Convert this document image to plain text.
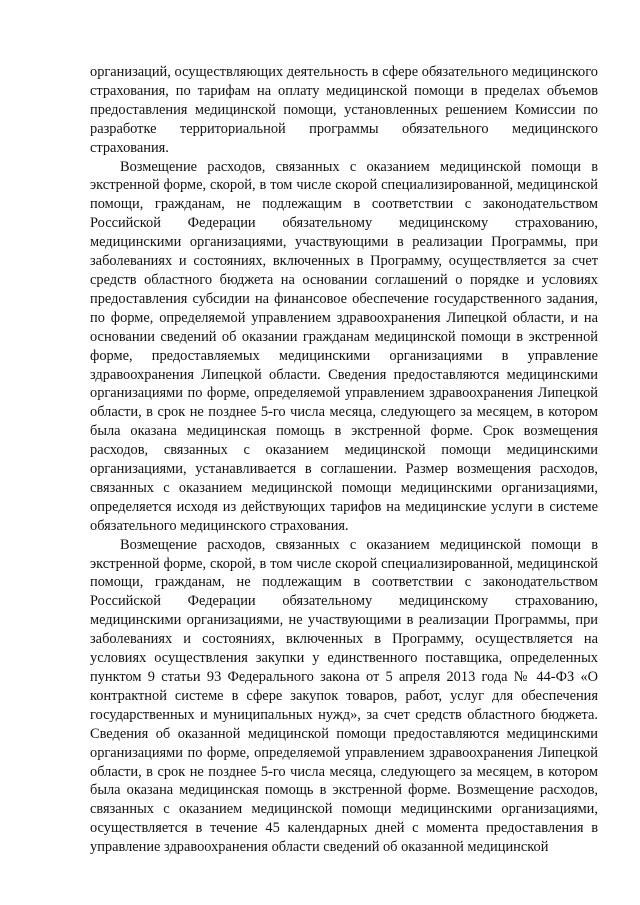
организаций, осуществляющих деятельность в сфере обязательного медицинского страхования, по тарифам на оплату медицинской помощи в пределах объемов предоставления медицинской помощи, установленных решением Комиссии по разработке территориальной программы обязательного медицинского страхования.

Возмещение расходов, связанных с оказанием медицинской помощи в экстренной форме, скорой, в том числе скорой специализированной, медицинской помощи, гражданам, не подлежащим в соответствии с законодательством Российской Федерации обязательному медицинскому страхованию, медицинскими организациями, участвующими в реализации Программы, при заболеваниях и состояниях, включенных в Программу, осуществляется за счет средств областного бюджета на основании соглашений о порядке и условиях предоставления субсидии на финансовое обеспечение государственного задания, по форме, определяемой управлением здравоохранения Липецкой области, и на основании сведений об оказании гражданам медицинской помощи в экстренной форме, предоставляемых медицинскими организациями в управление здравоохранения Липецкой области. Сведения предоставляются медицинскими организациями по форме, определяемой управлением здравоохранения Липецкой области, в срок не позднее 5-го числа месяца, следующего за месяцем, в котором была оказана медицинская помощь в экстренной форме. Срок возмещения расходов, связанных с оказанием медицинской помощи медицинскими организациями, устанавливается в соглашении. Размер возмещения расходов, связанных с оказанием медицинской помощи медицинскими организациями, определяется исходя из действующих тарифов на медицинские услуги в системе обязательного медицинского страхования.

Возмещение расходов, связанных с оказанием медицинской помощи в экстренной форме, скорой, в том числе скорой специализированной, медицинской помощи, гражданам, не подлежащим в соответствии с законодательством Российской Федерации обязательному медицинскому страхованию, медицинскими организациями, не участвующими в реализации Программы, при заболеваниях и состояниях, включенных в Программу, осуществляется на условиях осуществления закупки у единственного поставщика, определенных пунктом 9 статьи 93 Федерального закона от 5 апреля 2013 года № 44-ФЗ «О контрактной системе в сфере закупок товаров, работ, услуг для обеспечения государственных и муниципальных нужд», за счет средств областного бюджета. Сведения об оказанной медицинской помощи предоставляются медицинскими организациями по форме, определяемой управлением здравоохранения Липецкой области, в срок не позднее 5-го числа месяца, следующего за месяцем, в котором была оказана медицинская помощь в экстренной форме. Возмещение расходов, связанных с оказанием медицинской помощи медицинскими организациями, осуществляется в течение 45 календарных дней с момента предоставления в управление здравоохранения области сведений об оказанной медицинской
